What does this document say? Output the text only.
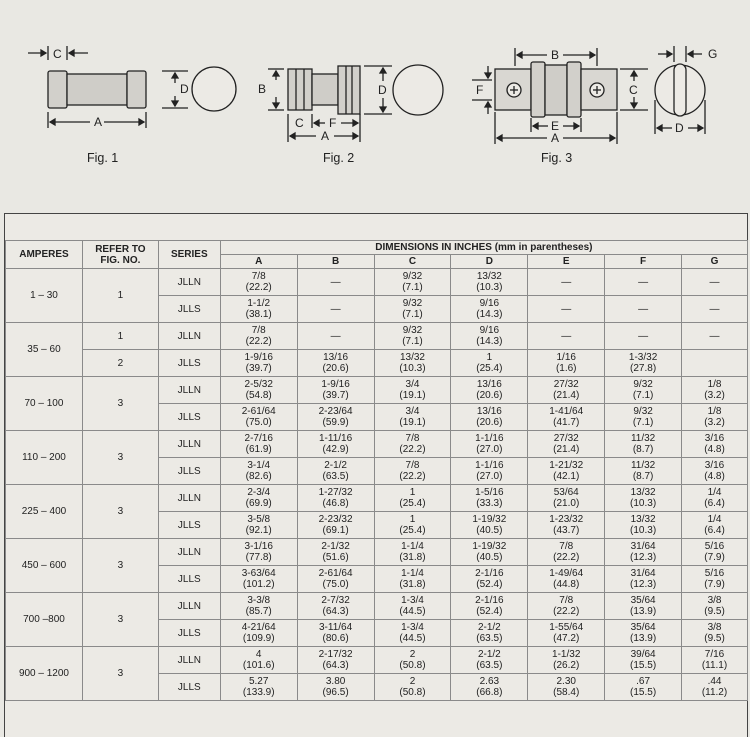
C
A
D	B
F
C
A
D
B
F	C
E
A
G
D
Fig. 1	Fig. 2	Fig. 3
AMPERES	REFER TO
FIG. NO.	SERIES	DIMENSIONS IN INCHES (mm in parentheses)						
			A	B	C	D	E	F	G
1 – 30	1	JLLN	7/8
(22.2)	—	9/32
(7.1)	13/32
(10.3)	—	—	—

		JLLS	1-1/2
(38.1)	—	9/32
(7.1)	9/16
(14.3)	—	—	—

35 – 60	1	JLLN	7/8
(22.2)	—	9/32
(7.1)	9/16
(14.3)	—	—	—

	2	JLLS	1-9/16
(39.7)	13/16
(20.6)	13/32
(10.3)	1
(25.4)	1/16
(1.6)	1-3/32
(27.8)	

70 – 100	3	JLLN	2-5/32
(54.8)	1-9/16
(39.7)	3/4
(19.1)	13/16
(20.6)	27/32
(21.4)	9/32
(7.1)	1/8
(3.2)

		JLLS	2-61/64
(75.0)	2-23/64
(59.9)	3/4
(19.1)	13/16
(20.6)	1-41/64
(41.7)	9/32
(7.1)	1/8
(3.2)

110 – 200	3	JLLN	2-7/16
(61.9)	1-11/16
(42.9)	7/8
(22.2)	1-1/16
(27.0)	27/32
(21.4)	11/32
(8.7)	3/16
(4.8)

		JLLS	3-1/4
(82.6)	2-1/2
(63.5)	7/8
(22.2)	1-1/16
(27.0)	1-21/32
(42.1)	11/32
(8.7)	3/16
(4.8)

225 – 400	3	JLLN	2-3/4
(69.9)	1-27/32
(46.8)	1
(25.4)	1-5/16
(33.3)	53/64
(21.0)	13/32
(10.3)	1/4
(6.4)

		JLLS	3-5/8
(92.1)	2-23/32
(69.1)	1
(25.4)	1-19/32
(40.5)	1-23/32
(43.7)	13/32
(10.3)	1/4
(6.4)

450 – 600	3	JLLN	3-1/16
(77.8)	2-1/32
(51.6)	1-1/4
(31.8)	1-19/32
(40.5)	7/8
(22.2)	31/64
(12.3)	5/16
(7.9)

		JLLS	3-63/64
(101.2)	2-61/64
(75.0)	1-1/4
(31.8)	2-1/16
(52.4)	1-49/64
(44.8)	31/64
(12.3)	5/16
(7.9)

700 –800	3	JLLN	3-3/8
(85.7)	2-7/32
(64.3)	1-3/4
(44.5)	2-1/16
(52.4)	7/8
(22.2)	35/64
(13.9)	3/8
(9.5)

		JLLS	4-21/64
(109.9)	3-11/64
(80.6)	1-3/4
(44.5)	2-1/2
(63.5)	1-55/64
(47.2)	35/64
(13.9)	3/8
(9.5)

900 – 1200	3	JLLN	4
(101.6)	2-17/32
(64.3)	2
(50.8)	2-1/2
(63.5)	1-1/32
(26.2)	39/64
(15.5)	7/16
(11.1)

		JLLS	5.27
(133.9)	3.80
(96.5)	2
(50.8)	2.63
(66.8)	2.30
(58.4)	.67
(15.5)	.44
(11.2)
